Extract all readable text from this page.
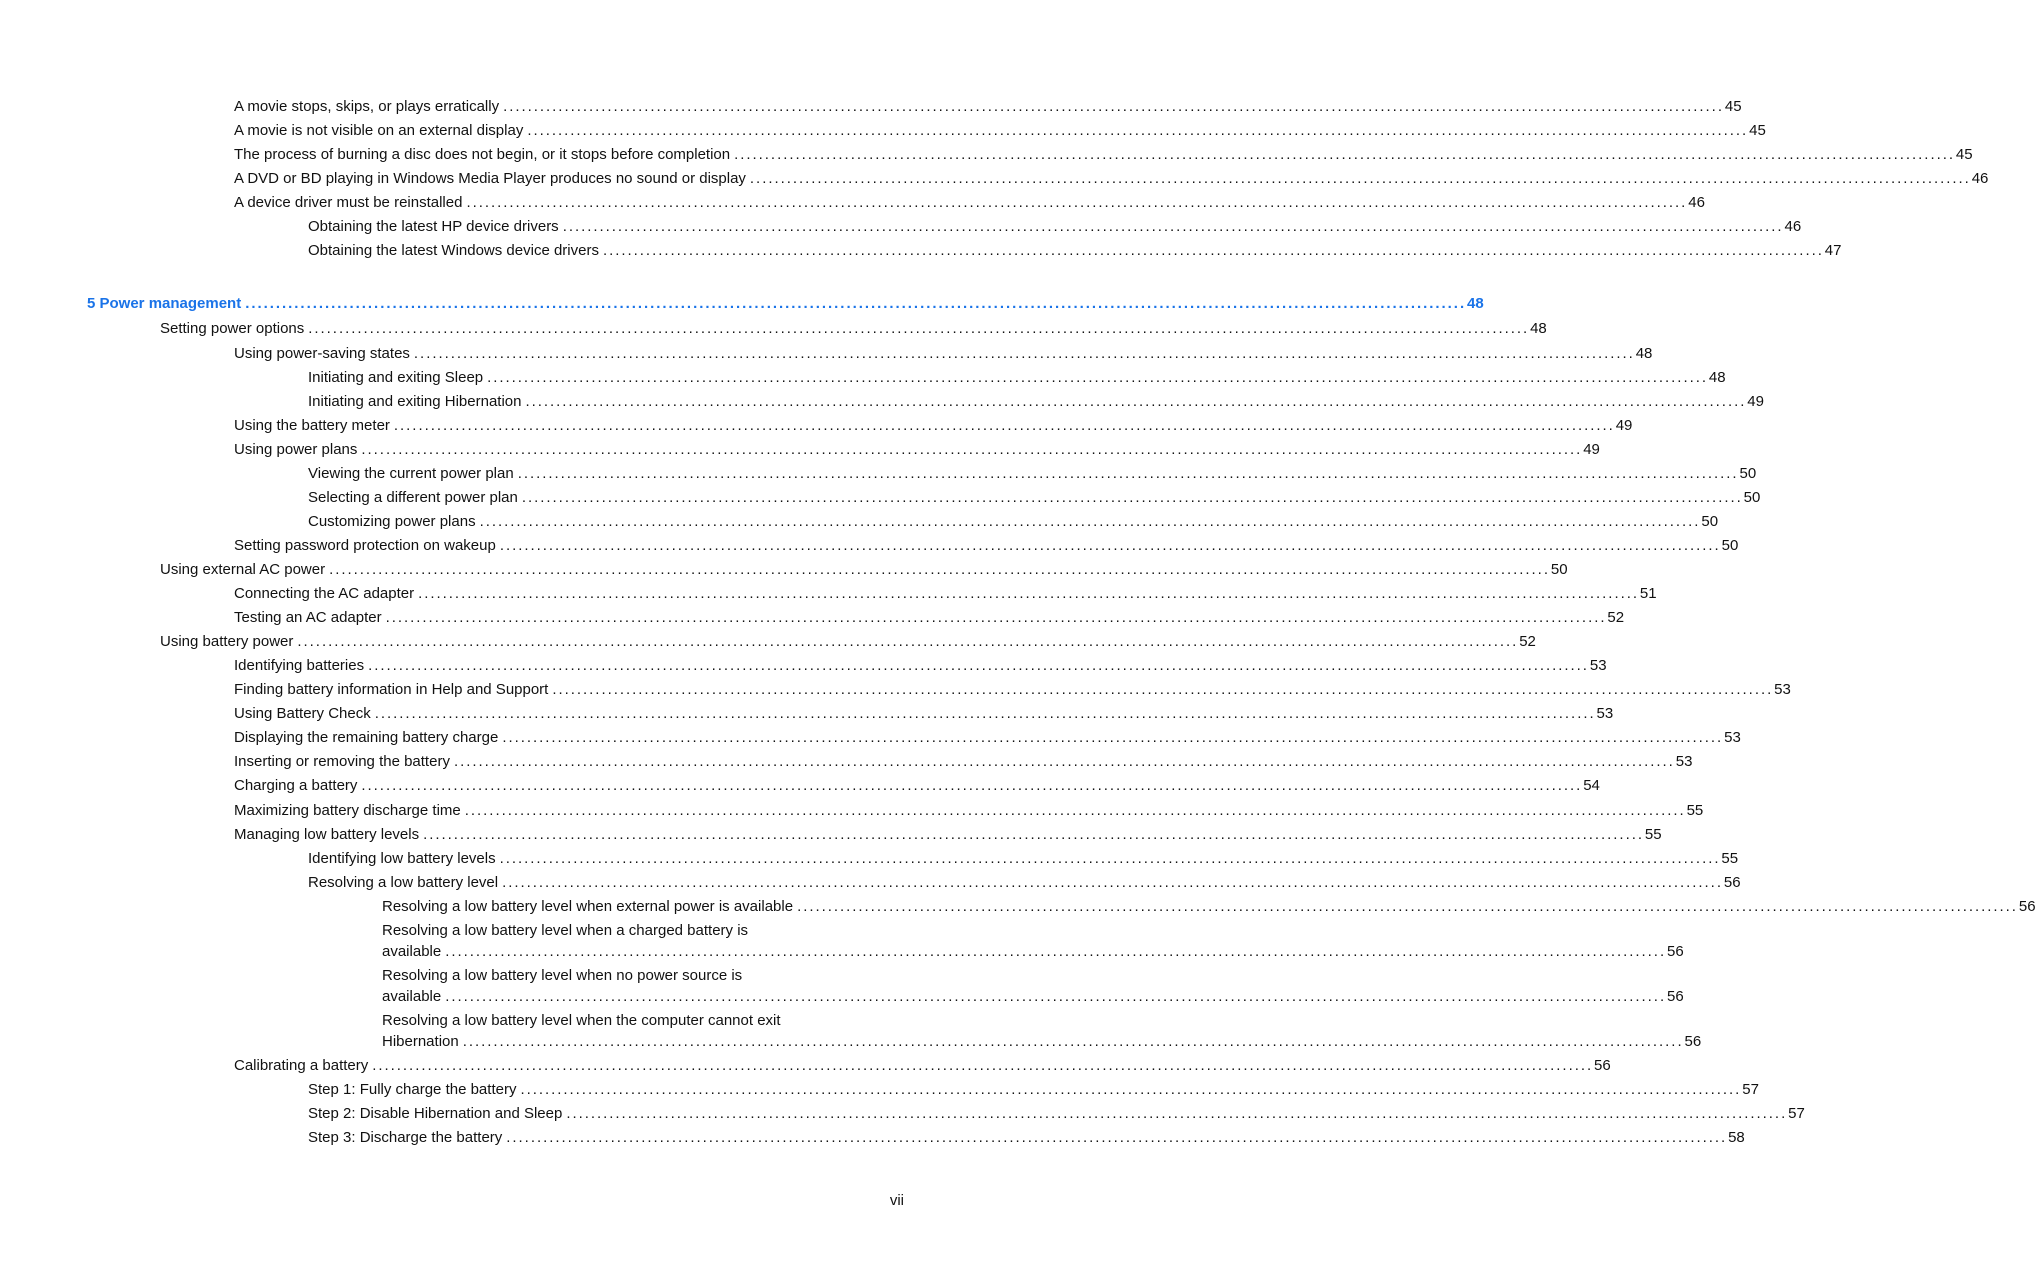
A movie stops, skips, or plays erratically . . .	45
A movie is not visible on an external display . . .	45
The process of burning a disc does not begin, or it stops before completion . . .	45
A DVD or BD playing in Windows Media Player produces no sound or display . . .	46
A device driver must be reinstalled . . .	46
Obtaining the latest HP device drivers . . .	46
Obtaining the latest Windows device drivers . . .	47
5 Power management . . .	48
Setting power options . . .	48
Using power-saving states . . .	48
Initiating and exiting Sleep . . .	48
Initiating and exiting Hibernation . . .	49
Using the battery meter . . .	49
Using power plans . . .	49
Viewing the current power plan . . .	50
Selecting a different power plan . . .	50
Customizing power plans . . .	50
Setting password protection on wakeup . . .	50
Using external AC power . . .	50
Connecting the AC adapter . . .	51
Testing an AC adapter . . .	52
Using battery power . . .	52
Identifying batteries . . .	53
Finding battery information in Help and Support . . .	53
Using Battery Check . . .	53
Displaying the remaining battery charge . . .	53
Inserting or removing the battery . . .	53
Charging a battery . . .	54
Maximizing battery discharge time . . .	55
Managing low battery levels . . .	55
Identifying low battery levels . . .	55
Resolving a low battery level . . .	56
Resolving a low battery level when external power is available . . .	56
Resolving a low battery level when a charged battery is
available . . .	56
Resolving a low battery level when no power source is
available . . .	56
Resolving a low battery level when the computer cannot exit
Hibernation . . .	56
Calibrating a battery . . .	56
Step 1: Fully charge the battery . . .	57
Step 2: Disable Hibernation and Sleep . . .	57
Step 3: Discharge the battery . . .	58
vii
